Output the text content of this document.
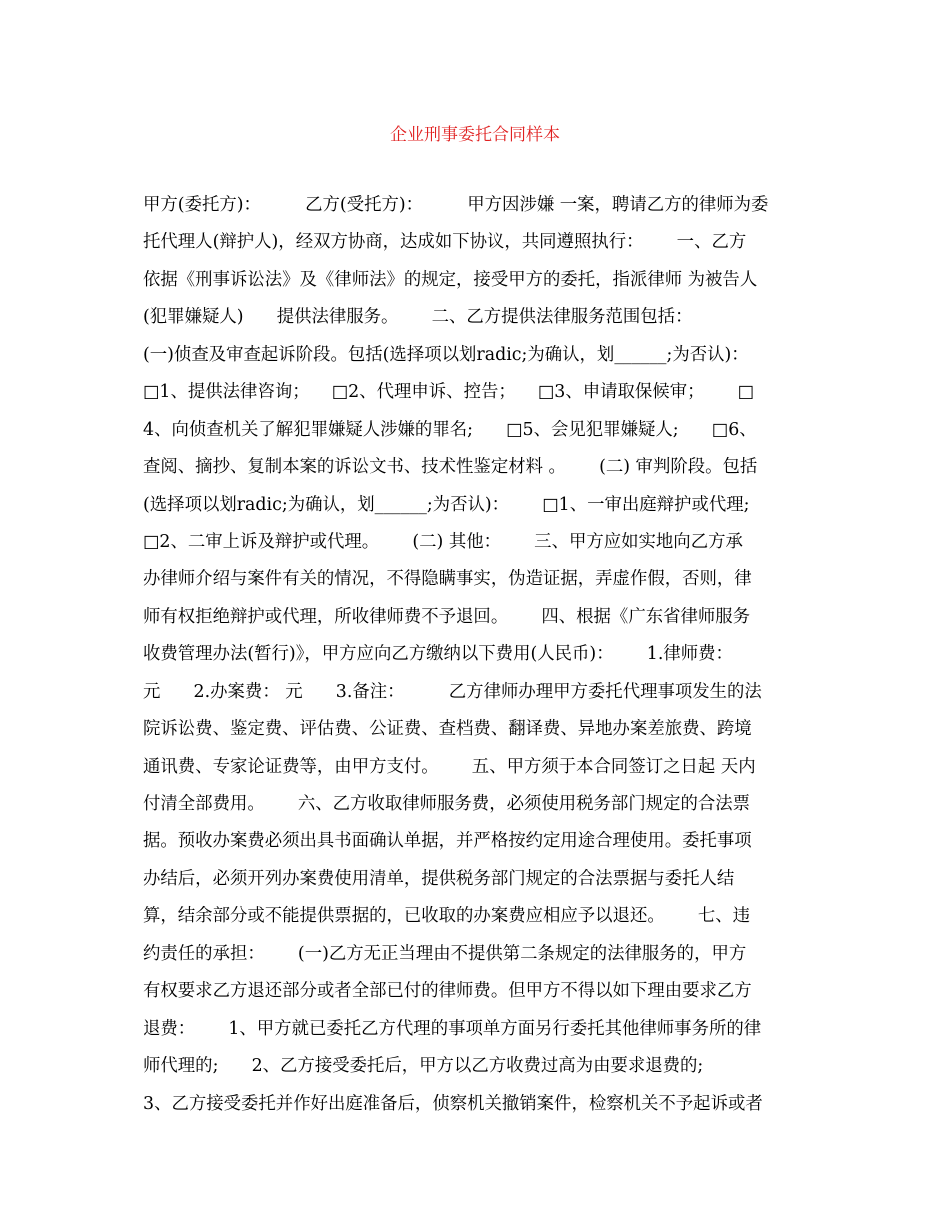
企业刑事委托合同样本
甲方(委托方)：        乙方(受托方)：        甲方因涉嫌 一案，聘请乙方的律师为委
托代理人(辩护人)，经双方协商，达成如下协议，共同遵照执行：      一、乙方
依据《刑事诉讼法》及《律师法》的规定，接受甲方的委托，指派律师 为被告人
(犯罪嫌疑人)      提供法律服务。      二、乙方提供法律服务范围包括：
(一)侦查及审查起诉阶段。包括(选择项以划radic;为确认，划______;为否认)：
□1、提供法律咨询；    □2、代理申诉、控告；    □3、申请取保候审；      □
4、向侦查机关了解犯罪嫌疑人涉嫌的罪名;      □5、会见犯罪嫌疑人;      □6、
查阅、摘抄、复制本案的诉讼文书、技术性鉴定材料 。      (二) 审判阶段。包括
(选择项以划radic;为确认，划______;为否认)：      □1、一审出庭辩护或代理;
□2、二审上诉及辩护或代理。      (二) 其他：      三、甲方应如实地向乙方承
办律师介绍与案件有关的情况，不得隐瞒事实，伪造证据，弄虚作假，否则，律
师有权拒绝辩护或代理，所收律师费不予退回。      四、根据《广东省律师服务
收费管理办法(暂行)》，甲方应向乙方缴纳以下费用(人民币)：      1.律师费：
元      2.办案费： 元      3.备注：        乙方律师办理甲方委托代理事项发生的法
院诉讼费、鉴定费、评估费、公证费、查档费、翻译费、异地办案差旅费、跨境
通讯费、专家论证费等，由甲方支付。      五、甲方须于本合同签订之日起 天内
付清全部费用。      六、乙方收取律师服务费，必须使用税务部门规定的合法票
据。预收办案费必须出具书面确认单据，并严格按约定用途合理使用。委托事项
办结后，必须开列办案费使用清单，提供税务部门规定的合法票据与委托人结
算，结余部分或不能提供票据的，已收取的办案费应相应予以退还。      七、违
约责任的承担：      (一)乙方无正当理由不提供第二条规定的法律服务的，甲方
有权要求乙方退还部分或者全部已付的律师费。但甲方不得以如下理由要求乙方
退费：      1、甲方就已委托乙方代理的事项单方面另行委托其他律师事务所的律
师代理的;      2、乙方接受委托后，甲方以乙方收费过高为由要求退费的;
3、乙方接受委托并作好出庭准备后，侦察机关撤销案件，检察机关不予起诉或者
